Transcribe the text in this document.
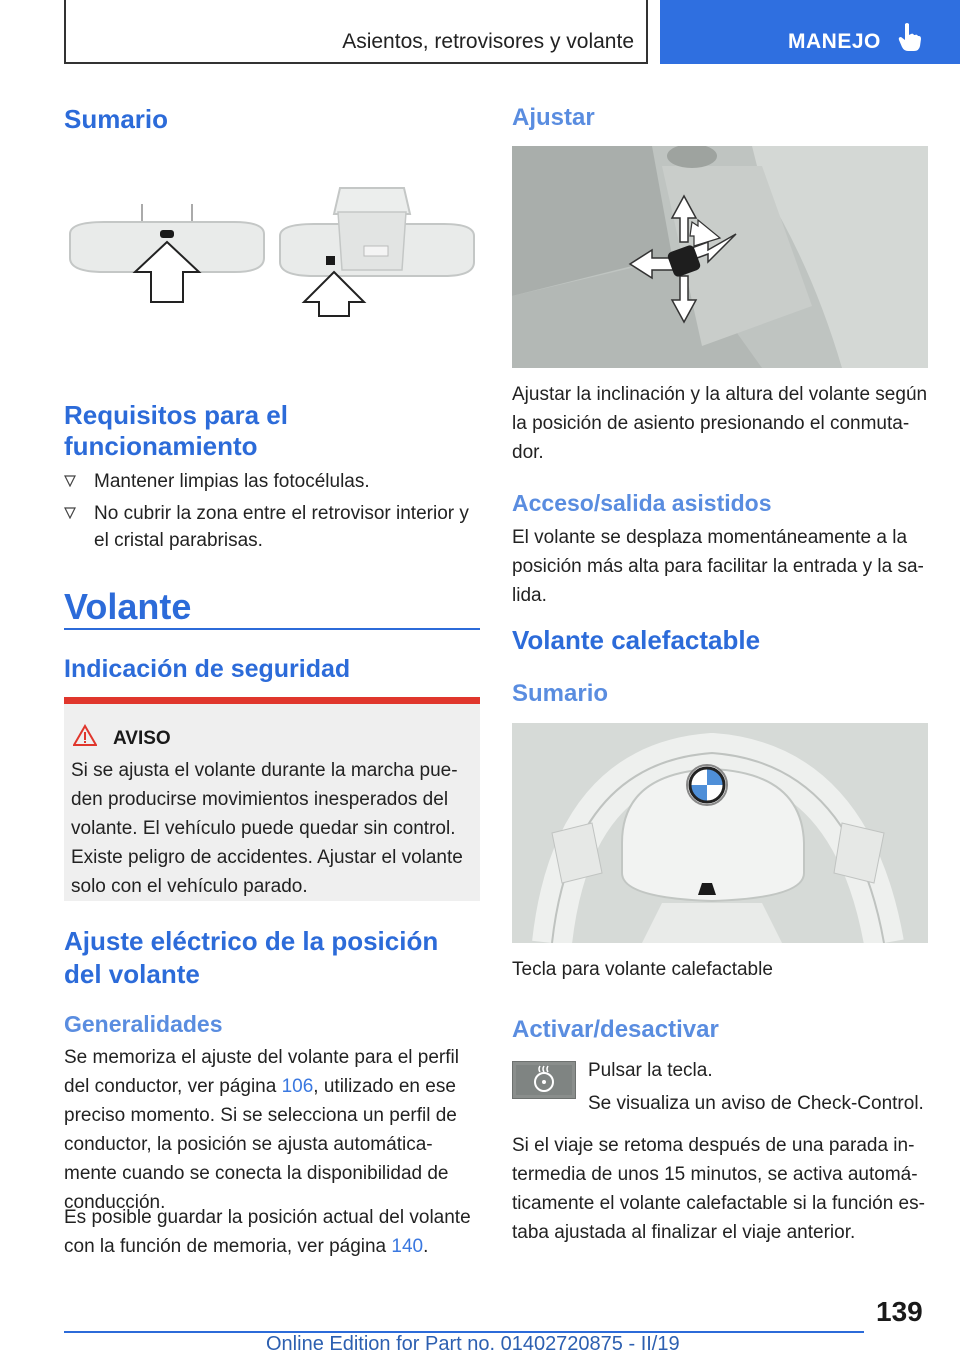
Asientos, retrovisores y volante	MANEJO
Sumario
Requisitos para el
funcionamiento
Mantener limpias las fotocélulas.
No cubrir la zona entre el retrovisor interior y
el cristal parabrisas.
Volante
Indicación de seguridad
AVISO
Si se ajusta el volante durante la marcha pue-
den producirse movimientos inesperados del
volante. El vehículo puede quedar sin control.
Existe peligro de accidentes. Ajustar el volante
solo con el vehículo parado.
Ajuste eléctrico de la posición
del volante
Generalidades
Se memoriza el ajuste del volante para el perfil
del conductor, ver página 106, utilizado en ese
preciso momento. Si se selecciona un perfil de
conductor, la posición se ajusta automática-
mente cuando se conecta la disponibilidad de
conducción.
Es posible guardar la posición actual del volante
con la función de memoria, ver página 140.
Ajustar
Ajustar la inclinación y la altura del volante según
la posición de asiento presionando el conmuta-
dor.
Acceso/salida asistidos
El volante se desplaza momentáneamente a la
posición más alta para facilitar la entrada y la sa-
lida.
Volante calefactable
Sumario
Tecla para volante calefactable
Activar/desactivar
Pulsar la tecla.
Se visualiza un aviso de Check-Control.
Si el viaje se retoma después de una parada in-
termedia de unos 15 minutos, se activa automá-
ticamente el volante calefactable si la función es-
taba ajustada al finalizar el viaje anterior.
139
Online Edition for Part no. 01402720875 - II/19
